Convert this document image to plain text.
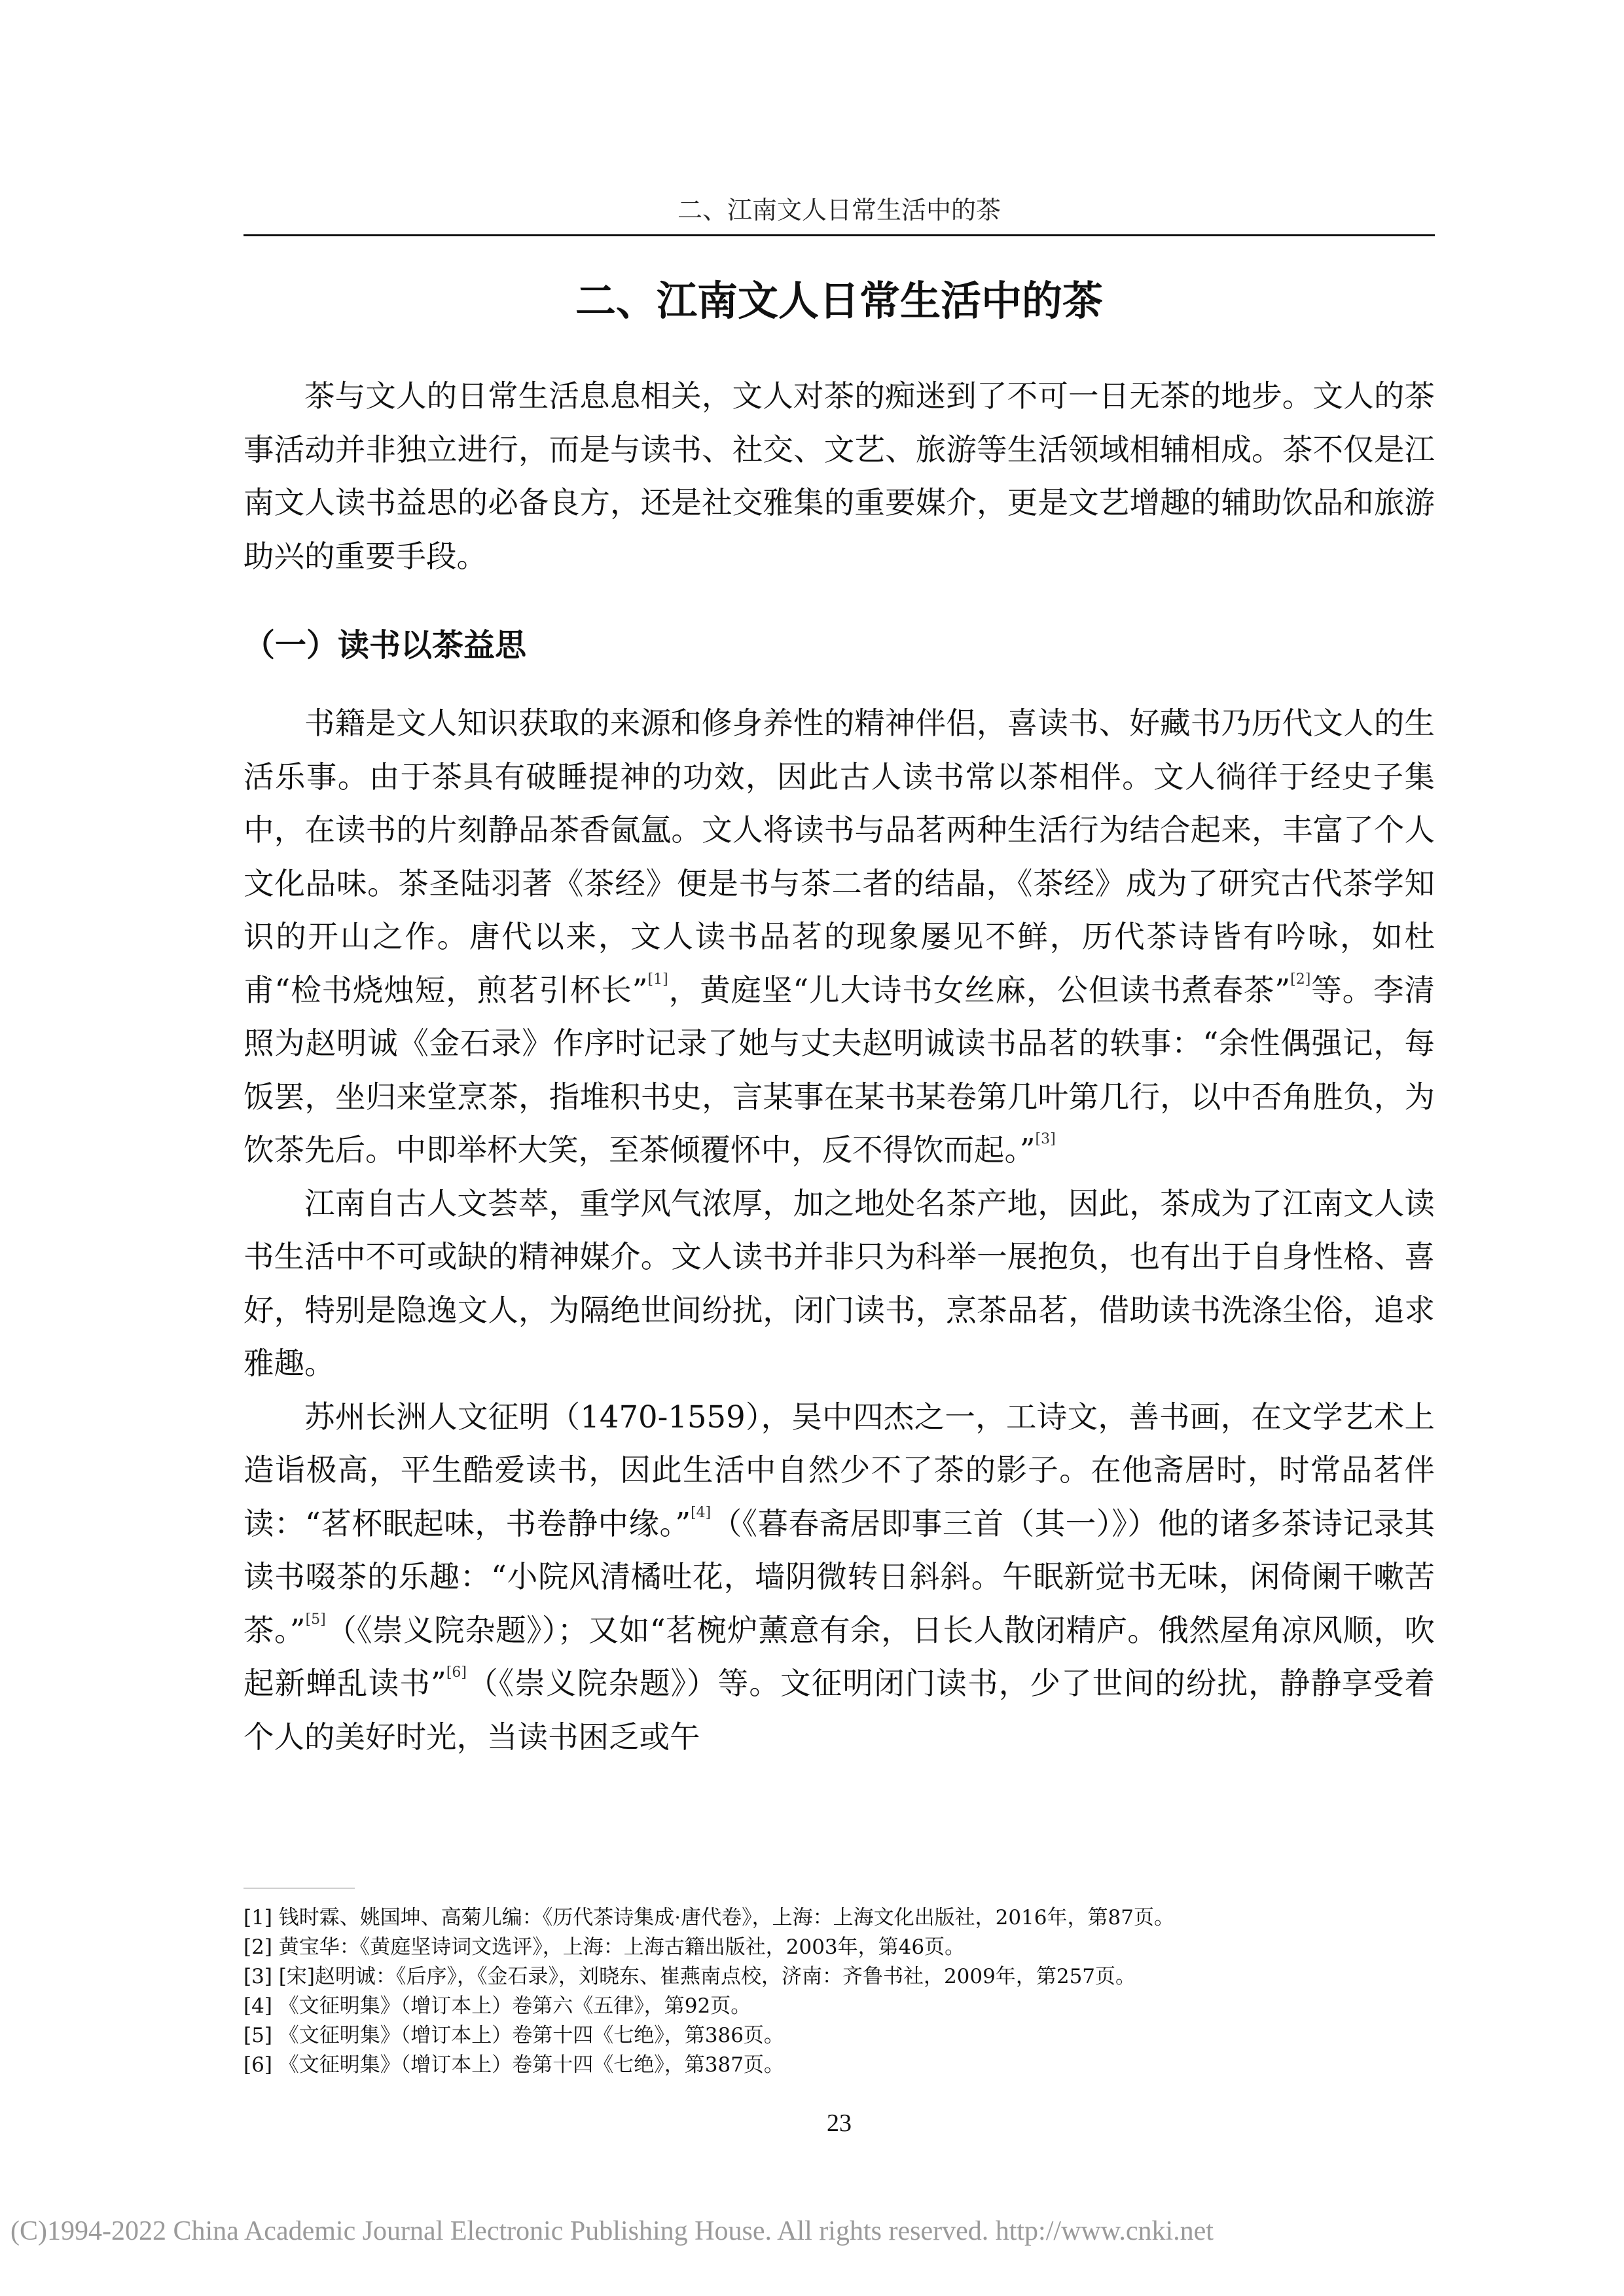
二、江南文人日常生活中的茶
二、江南文人日常生活中的茶

茶与文人的日常生活息息相关，文人对茶的痴迷到了不可一日无茶的地步。文人的茶事活动并非独立进行，而是与读书、社交、文艺、旅游等生活领域相辅相成。茶不仅是江南文人读书益思的必备良方，还是社交雅集的重要媒介，更是文艺增趣的辅助饮品和旅游助兴的重要手段。

（一）读书以茶益思

书籍是文人知识获取的来源和修身养性的精神伴侣，喜读书、好藏书乃历代文人的生活乐事。由于茶具有破睡提神的功效，因此古人读书常以茶相伴。文人徜徉于经史子集中，在读书的片刻静品茶香氤氲。文人将读书与品茗两种生活行为结合起来，丰富了个人文化品味。茶圣陆羽著《茶经》便是书与茶二者的结晶，《茶经》成为了研究古代茶学知识的开山之作。唐代以来，文人读书品茗的现象屡见不鲜，历代茶诗皆有吟咏，如杜甫“检书烧烛短，煎茗引杯长”[1]，黄庭坚“儿大诗书女丝麻，公但读书煮春茶”[2]等。李清照为赵明诚《金石录》作序时记录了她与丈夫赵明诚读书品茗的轶事：“余性偶强记，每饭罢，坐归来堂烹茶，指堆积书史，言某事在某书某卷第几叶第几行，以中否角胜负，为饮茶先后。中即举杯大笑，至茶倾覆怀中，反不得饮而起。”[3]

江南自古人文荟萃，重学风气浓厚，加之地处名茶产地，因此，茶成为了江南文人读书生活中不可或缺的精神媒介。文人读书并非只为科举一展抱负，也有出于自身性格、喜好，特别是隐逸文人，为隔绝世间纷扰，闭门读书，烹茶品茗，借助读书洗涤尘俗，追求雅趣。

苏州长洲人文征明（1470-1559），吴中四杰之一，工诗文，善书画，在文学艺术上造诣极高，平生酷爱读书，因此生活中自然少不了茶的影子。在他斋居时，时常品茗伴读：“茗杯眠起味，书卷静中缘。”[4]（《暮春斋居即事三首（其一）》）他的诸多茶诗记录其读书啜茶的乐趣：“小院风清橘吐花，墙阴微转日斜斜。午眠新觉书无味，闲倚阑干嗽苦茶。”[5]（《崇义院杂题》）；又如“茗椀炉薰意有余，日长人散闭精庐。俄然屋角凉风顺，吹起新蝉乱读书”[6]（《崇义院杂题》）等。文征明闭门读书，少了世间的纷扰，静静享受着个人的美好时光，当读书困乏或午

[1] 钱时霖、姚国坤、高菊儿编：《历代茶诗集成·唐代卷》，上海：上海文化出版社，2016年，第87页。
[2] 黄宝华：《黄庭坚诗词文选评》，上海：上海古籍出版社，2003年，第46页。
[3] [宋]赵明诚：《后序》，《金石录》，刘晓东、崔燕南点校，济南：齐鲁书社，2009年，第257页。
[4] 《文征明集》（增订本上）卷第六《五律》，第92页。
[5] 《文征明集》（增订本上）卷第十四《七绝》，第386页。
[6] 《文征明集》（增订本上）卷第十四《七绝》，第387页。
23
(C)1994-2022 China Academic Journal Electronic Publishing House. All rights reserved. http://www.cnki.net
